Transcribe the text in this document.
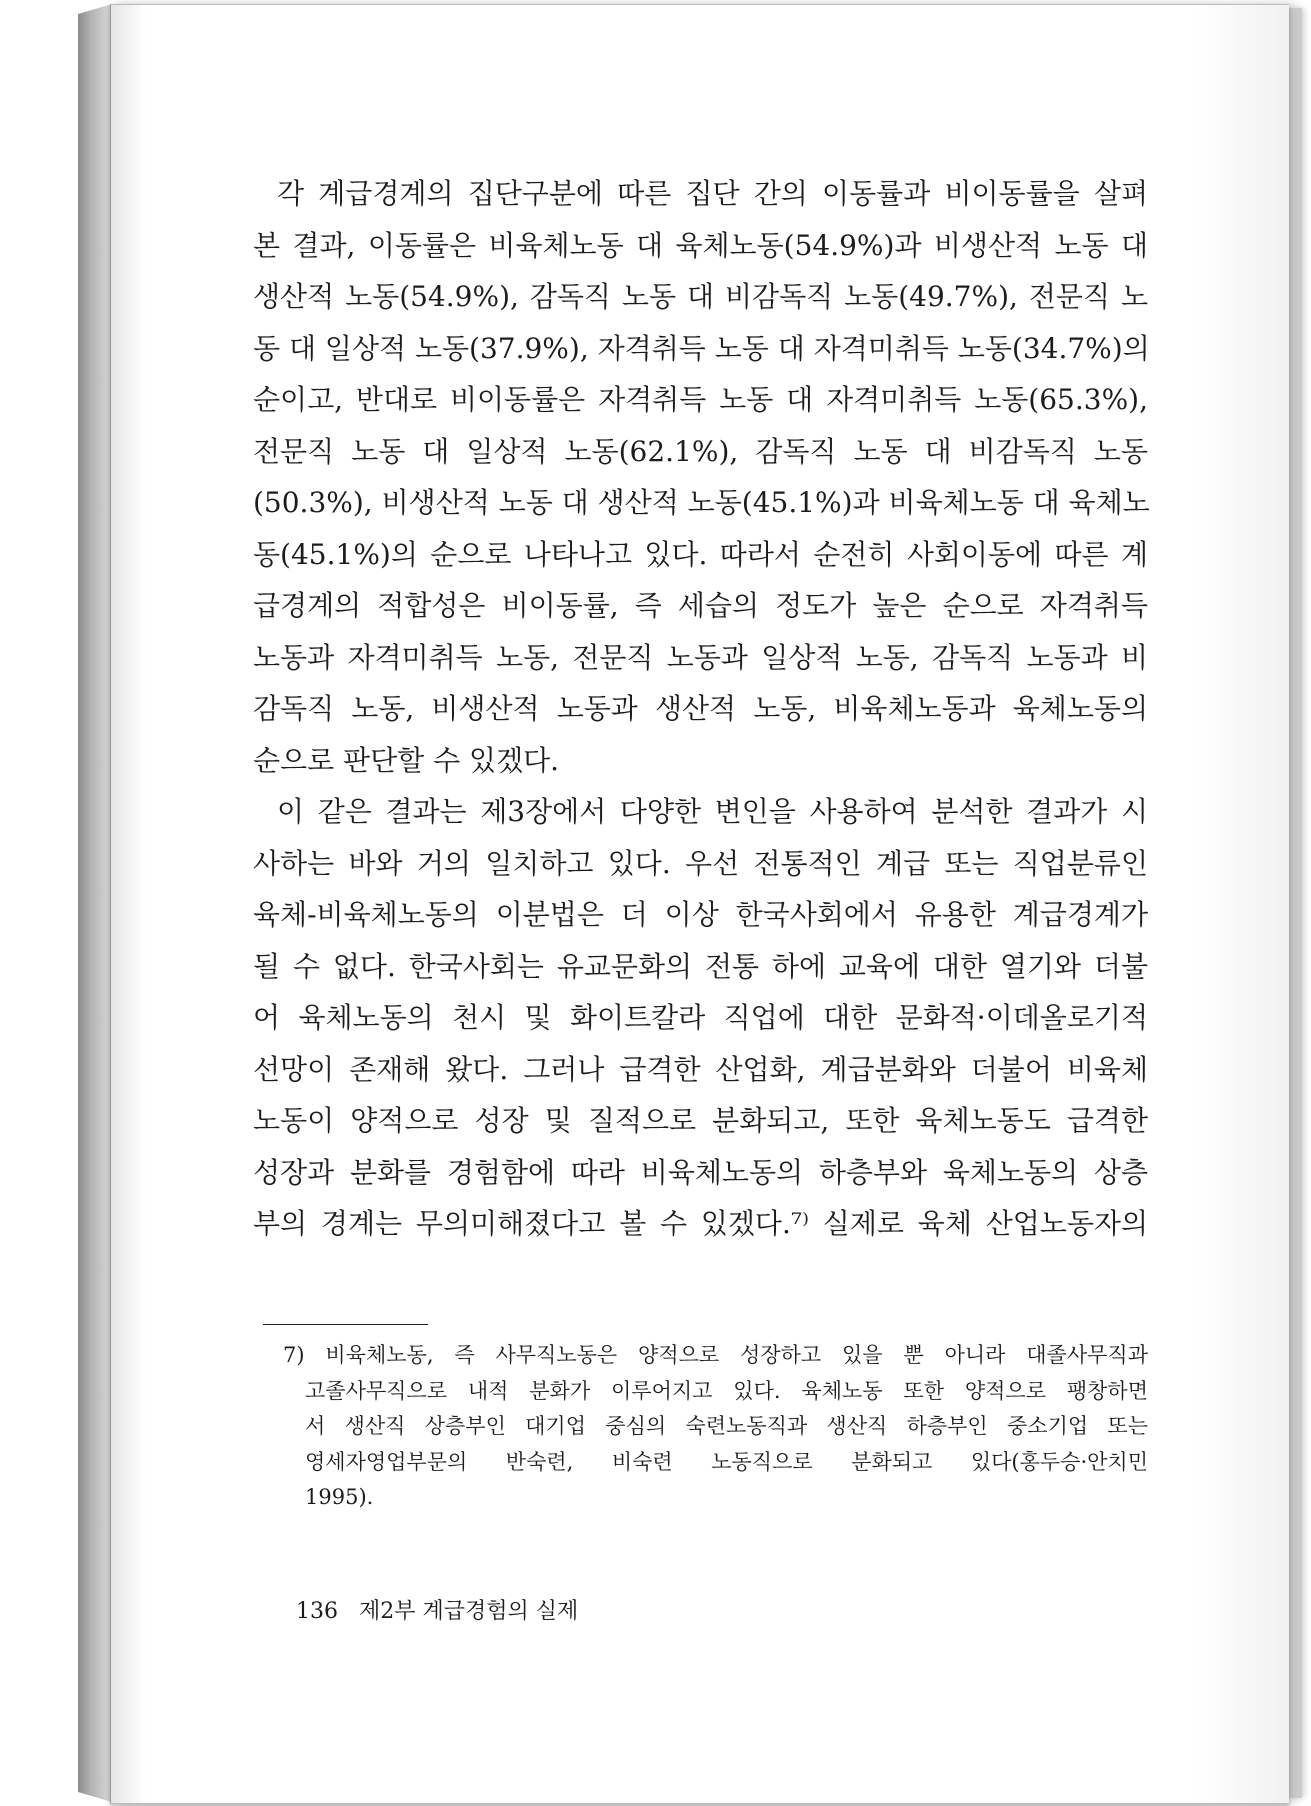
각 계급경계의 집단구분에 따른 집단 간의 이동률과 비이동률을 살펴
본 결과, 이동률은 비육체노동 대 육체노동(54.9%)과 비생산적 노동 대
생산적 노동(54.9%), 감독직 노동 대 비감독직 노동(49.7%), 전문직 노
동 대 일상적 노동(37.9%), 자격취득 노동 대 자격미취득 노동(34.7%)의
순이고, 반대로 비이동률은 자격취득 노동 대 자격미취득 노동(65.3%),
전문직 노동 대 일상적 노동(62.1%), 감독직 노동 대 비감독직 노동
(50.3%), 비생산적 노동 대 생산적 노동(45.1%)과 비육체노동 대 육체노
동(45.1%)의 순으로 나타나고 있다. 따라서 순전히 사회이동에 따른 계
급경계의 적합성은 비이동률, 즉 세습의 정도가 높은 순으로 자격취득
노동과 자격미취득 노동, 전문직 노동과 일상적 노동, 감독직 노동과 비
감독직 노동, 비생산적 노동과 생산적 노동, 비육체노동과 육체노동의
순으로 판단할 수 있겠다.
이 같은 결과는 제3장에서 다양한 변인을 사용하여 분석한 결과가 시
사하는 바와 거의 일치하고 있다. 우선 전통적인 계급 또는 직업분류인
육체-비육체노동의 이분법은 더 이상 한국사회에서 유용한 계급경계가
될 수 없다. 한국사회는 유교문화의 전통 하에 교육에 대한 열기와 더불
어 육체노동의 천시 및 화이트칼라 직업에 대한 문화적·이데올로기적
선망이 존재해 왔다. 그러나 급격한 산업화, 계급분화와 더불어 비육체
노동이 양적으로 성장 및 질적으로 분화되고, 또한 육체노동도 급격한
성장과 분화를 경험함에 따라 비육체노동의 하층부와 육체노동의 상층
부의 경계는 무의미해졌다고 볼 수 있겠다.⁷⁾ 실제로 육체 산업노동자의
7) 비육체노동, 즉 사무직노동은 양적으로 성장하고 있을 뿐 아니라 대졸사무직과
고졸사무직으로 내적 분화가 이루어지고 있다. 육체노동 또한 양적으로 팽창하면
서 생산직 상층부인 대기업 중심의 숙련노동직과 생산직 하층부인 중소기업 또는
영세자영업부문의 반숙련, 비숙련 노동직으로 분화되고 있다(홍두승·안치민
1995).
136 제2부 계급경험의 실제
